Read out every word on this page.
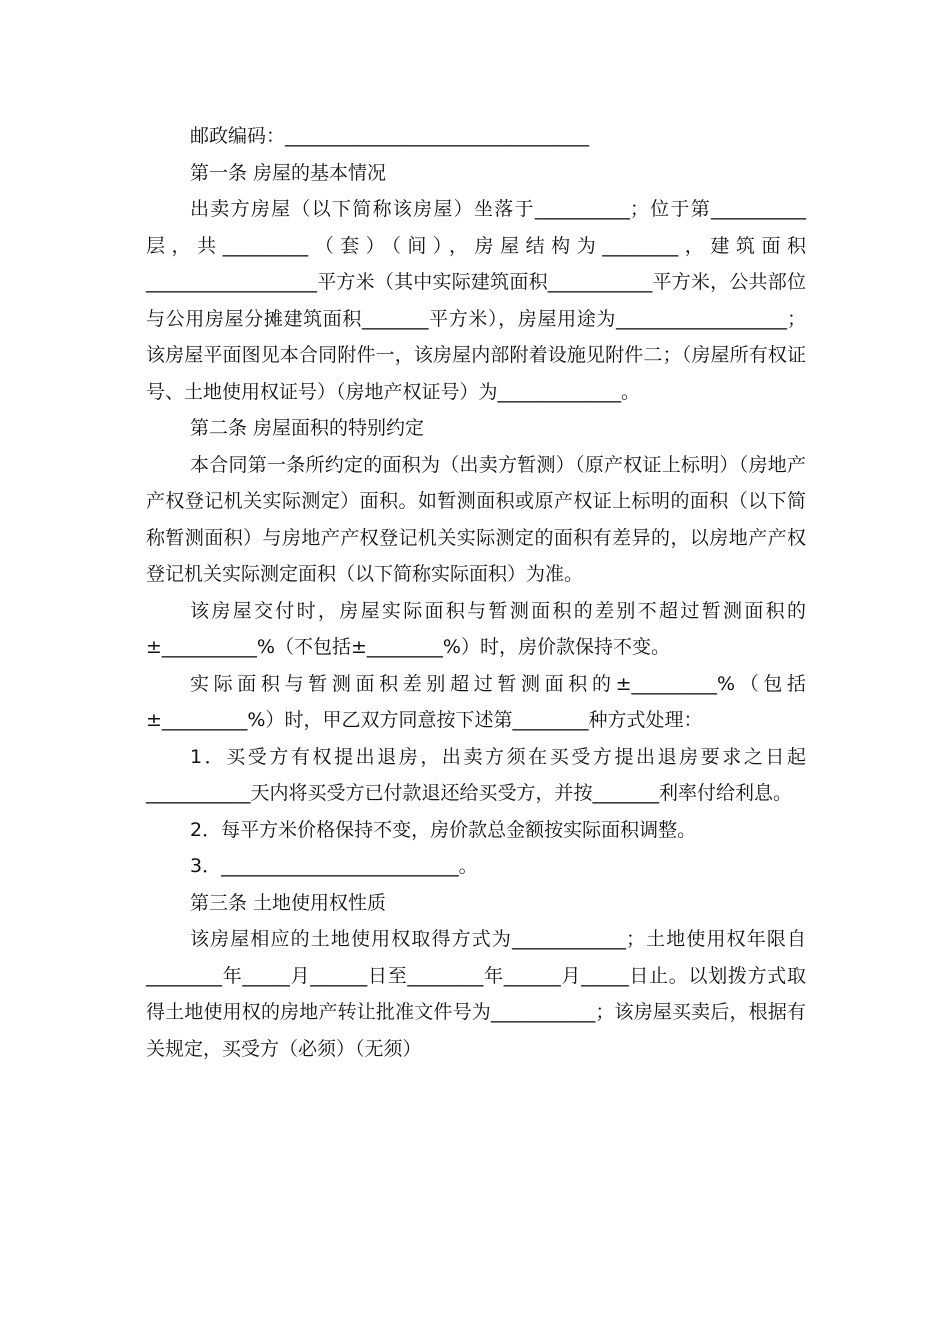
邮政编码：________________________________

第一条 房屋的基本情况

出卖方房屋（以下简称该房屋）坐落于__________；位于第__________层，共_________（套）（间），房屋结构为________，建筑面积__________________平方米（其中实际建筑面积___________平方米，公共部位与公用房屋分摊建筑面积_______平方米），房屋用途为__________________；该房屋平面图见本合同附件一，该房屋内部附着设施见附件二；（房屋所有权证号、土地使用权证号）（房地产权证号）为_____________。

第二条 房屋面积的特别约定

本合同第一条所约定的面积为（出卖方暂测）（原产权证上标明）（房地产产权登记机关实际测定）面积。如暂测面积或原产权证上标明的面积（以下简称暂测面积）与房地产产权登记机关实际测定的面积有差异的，以房地产产权登记机关实际测定面积（以下简称实际面积）为准。

该房屋交付时，房屋实际面积与暂测面积的差别不超过暂测面积的±__________%（不包括±________%）时，房价款保持不变。

实际面积与暂测面积差别超过暂测面积的±_________%（包括±_________%）时，甲乙双方同意按下述第________种方式处理：

1．买受方有权提出退房，出卖方须在买受方提出退房要求之日起___________天内将买受方已付款退还给买受方，并按_______利率付给利息。

2．每平方米价格保持不变，房价款总金额按实际面积调整。

3．_________________________。

第三条 土地使用权性质

该房屋相应的土地使用权取得方式为____________；土地使用权年限自________年_____月______日至________年______月_____日止。以划拨方式取得土地使用权的房地产转让批准文件号为___________；该房屋买卖后，根据有关规定，买受方（必须）（无须）
